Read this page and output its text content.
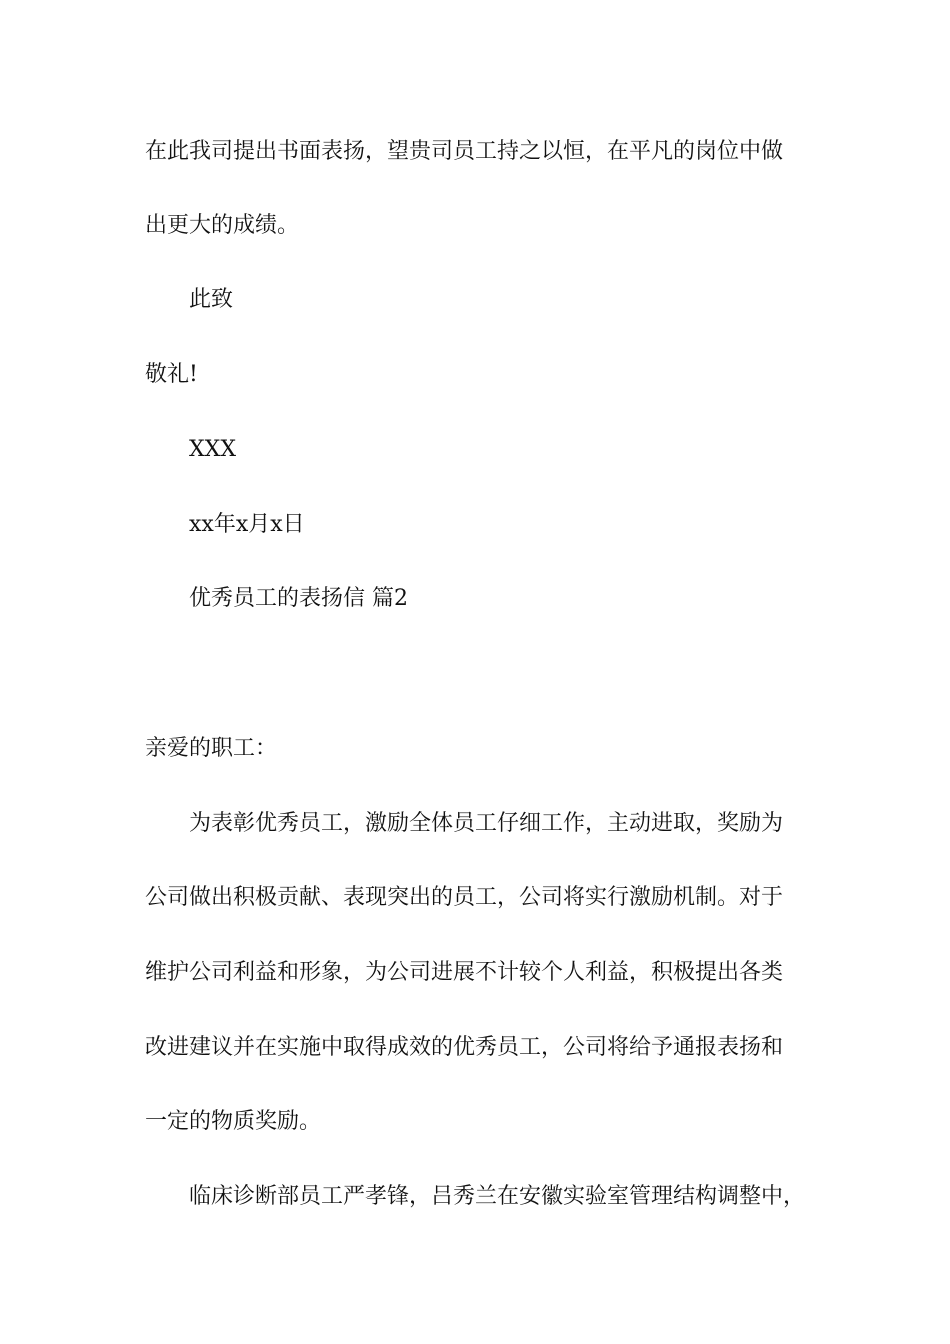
在此我司提出书面表扬，望贵司员工持之以恒，在平凡的岗位中做
出更大的成绩。
此致
敬礼!
XXX
xx年x月x日
优秀员工的表扬信 篇2
亲爱的职工：
为表彰优秀员工，激励全体员工仔细工作，主动进取，奖励为
公司做出积极贡献、表现突出的员工，公司将实行激励机制。对于
维护公司利益和形象，为公司进展不计较个人利益，积极提出各类
改进建议并在实施中取得成效的优秀员工，公司将给予通报表扬和
一定的物质奖励。
临床诊断部员工严孝锋，吕秀兰在安徽实验室管理结构调整中，
